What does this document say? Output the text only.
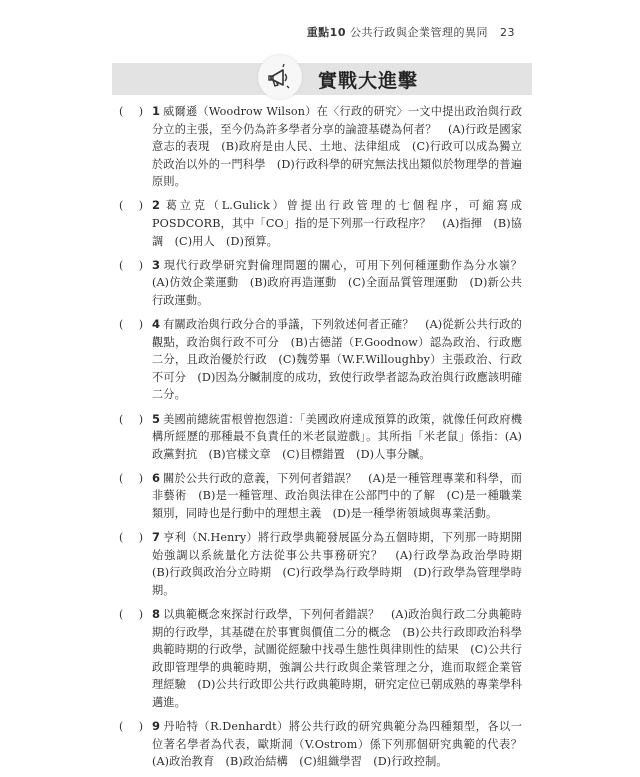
重點10 公共行政與企業管理的異同 23
實戰大進擊
( ) 1 威爾遜（Woodrow Wilson）在〈行政的研究〉一文中提出政治與行政分立的主張，至今仍為許多學者分享的論證基礎為何者？　(A)行政是國家意志的表現　(B)政府是由人民、土地、法律組成　(C)行政可以成為獨立於政治以外的一門科學　(D)行政科學的研究無法找出類似於物理學的普遍原則。
( ) 2 葛立克（L.Gulick）曾提出行政管理的七個程序，可縮寫成POSDCORB，其中「CO」指的是下列那一行政程序？　(A)指揮　(B)協調　(C)用人　(D)預算。
( ) 3 現代行政學研究對倫理問題的關心，可用下列何種運動作為分水嶺？　(A)仿效企業運動　(B)政府再造運動　(C)全面品質管理運動　(D)新公共行政運動。
( ) 4 有關政治與行政分合的爭議，下列敘述何者正確？　(A)從新公共行政的觀點，政治與行政不可分　(B)古德諾（F.Goodnow）認為政治、行政應二分，且政治優於行政　(C)魏勞畢（W.F.Willoughby）主張政治、行政不可分　(D)因為分贓制度的成功，致使行政學者認為政治與行政應該明確二分。
( ) 5 美國前總統雷根曾抱怨道：「美國政府達成預算的政策，就像任何政府機構所經歷的那種最不負責任的米老鼠遊戲」。其所指「米老鼠」係指：(A)政黨對抗　(B)官樣文章　(C)目標錯置　(D)人事分贓。
( ) 6 關於公共行政的意義，下列何者錯誤？　(A)是一種管理專業和科學，而非藝術　(B)是一種管理、政治與法律在公部門中的了解　(C)是一種職業類別，同時也是行動中的理想主義　(D)是一種學術領域與專業活動。
( ) 7 亨利（N.Henry）將行政學典範發展區分為五個時期，下列那一時期開始強調以系統量化方法從事公共事務研究？　(A)行政學為政治學時期　(B)行政與政治分立時期　(C)行政學為行政學時期　(D)行政學為管理學時期。
( ) 8 以典範概念來探討行政學，下列何者錯誤？　(A)政治與行政二分典範時期的行政學，其基礎在於事實與價值二分的概念　(B)公共行政即政治科學典範時期的行政學，試圖從經驗中找尋生態性與律則性的結果　(C)公共行政即管理學的典範時期，強調公共行政與企業管理之分，進而取經企業管理經驗　(D)公共行政即公共行政典範時期，研究定位已朝成熟的專業學科邁進。
( ) 9 丹哈特（R.Denhardt）將公共行政的研究典範分為四種類型，各以一位著名學者為代表，歐斯洞（V.Ostrom）係下列那個研究典範的代表？(A)政治教育　(B)政治結構　(C)組織學習　(D)行政控制。
